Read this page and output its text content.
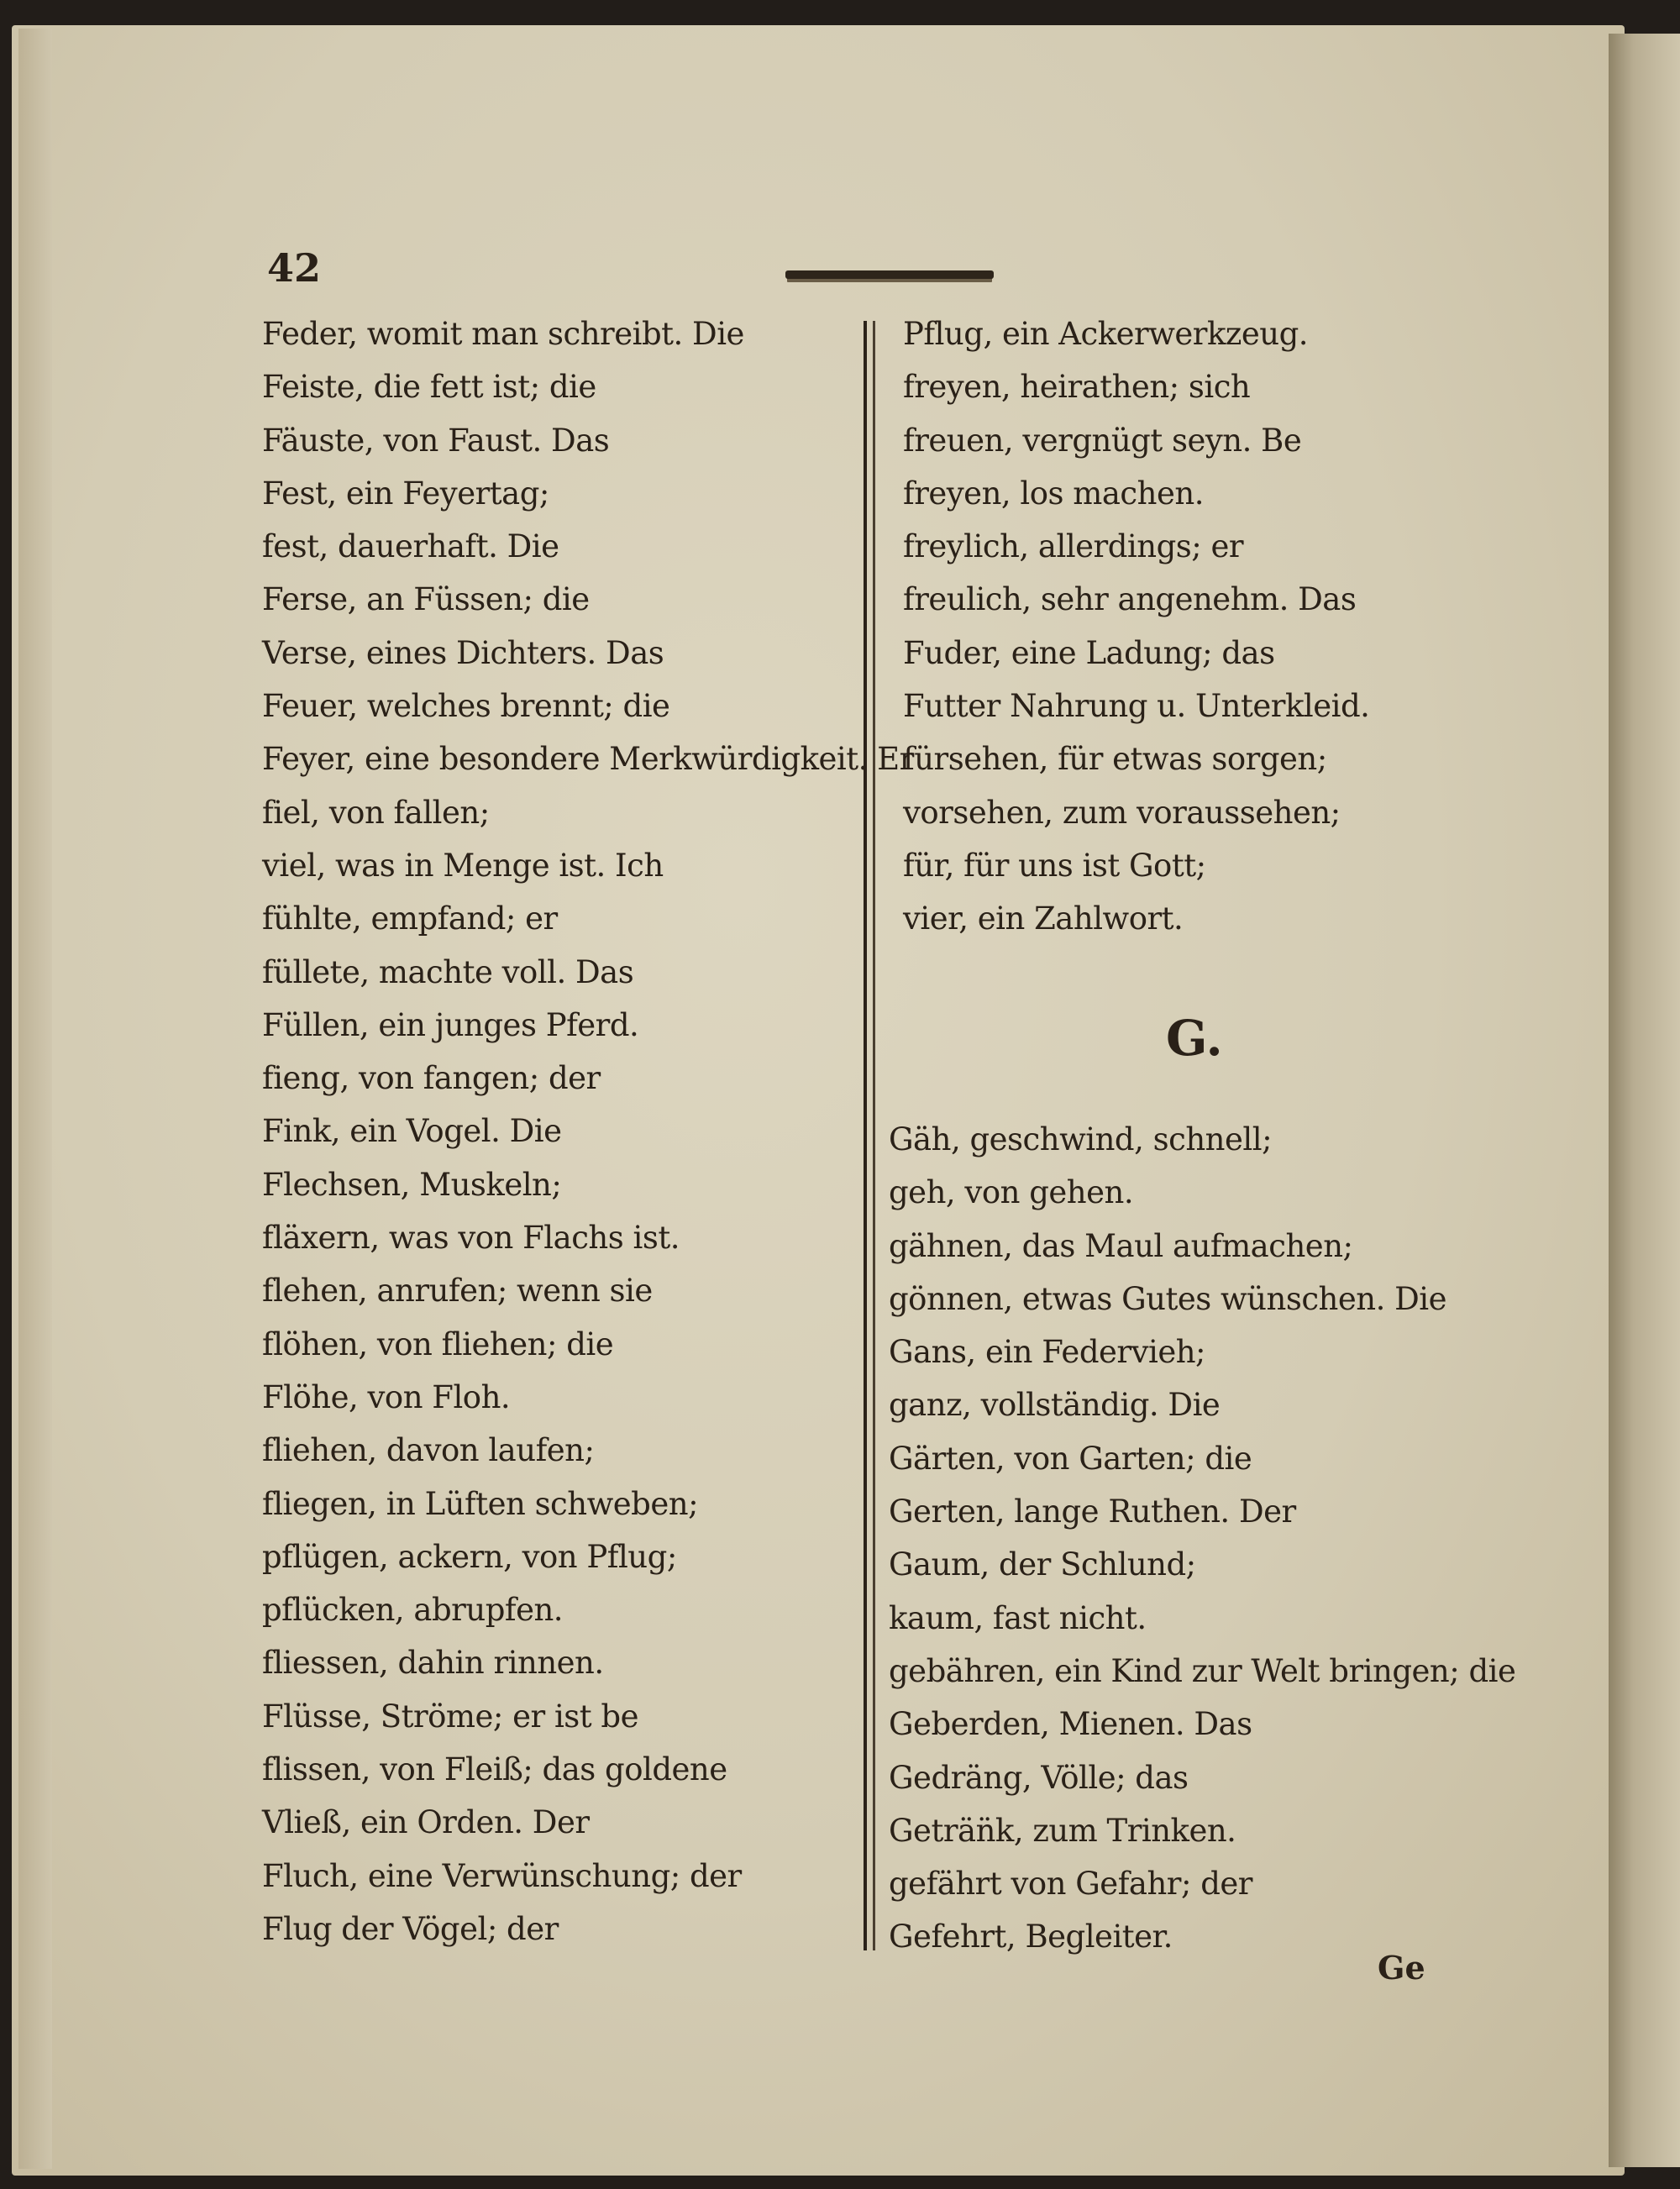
42
Feder, womit man schreibt. Die
Feiste, die fett ist; die
Fäuste, von Faust. Das
Fest, ein Feyertag;
fest, dauerhaft. Die
Ferse, an Füssen; die
Verse, eines Dichters. Das
Feuer, welches brennt; die
Feyer, eine besondere Merkwürdigkeit. Er
fiel, von fallen;
viel, was in Menge ist. Ich
fühlte, empfand; er
füllete, machte voll. Das
Füllen, ein junges Pferd.
fieng, von fangen; der
Fink, ein Vogel. Die
Flechsen, Muskeln;
fläxern, was von Flachs ist.
flehen, anrufen; wenn sie
flöhen, von fliehen; die
Flöhe, von Floh.
fliehen, davon laufen;
fliegen, in Lüften schweben;
pflügen, ackern, von Pflug;
pflücken, abrupfen.
fliessen, dahin rinnen.
Flüsse, Ströme; er ist be
flissen, von Fleiß; das goldene
Vließ, ein Orden. Der
Fluch, eine Verwünschung; der
Flug der Vögel; der
Pflug, ein Ackerwerkzeug.
freyen, heirathen; sich
freuen, vergnügt seyn. Be
freyen, los machen.
freylich, allerdings; er
freulich, sehr angenehm. Das
Fuder, eine Ladung; das
Futter Nahrung u. Unterkleid.
fürsehen, für etwas sorgen;
vorsehen, zum voraussehen;
für, für uns ist Gott;
vier, ein Zahlwort.
G.
Gäh, geschwind, schnell;
geh, von gehen.
gähnen, das Maul aufmachen;
gönnen, etwas Gutes wünschen. Die
Gans, ein Federvieh;
ganz, vollständig. Die
Gärten, von Garten; die
Gerten, lange Ruthen. Der
Gaum, der Schlund;
kaum, fast nicht.
gebähren, ein Kind zur Welt bringen; die
Geberden, Mienen. Das
Gedräng, Völle; das
Geträn̈k, zum Trinken.
gefährt von Gefahr; der
Gefehrt, Begleiter.
Ge
